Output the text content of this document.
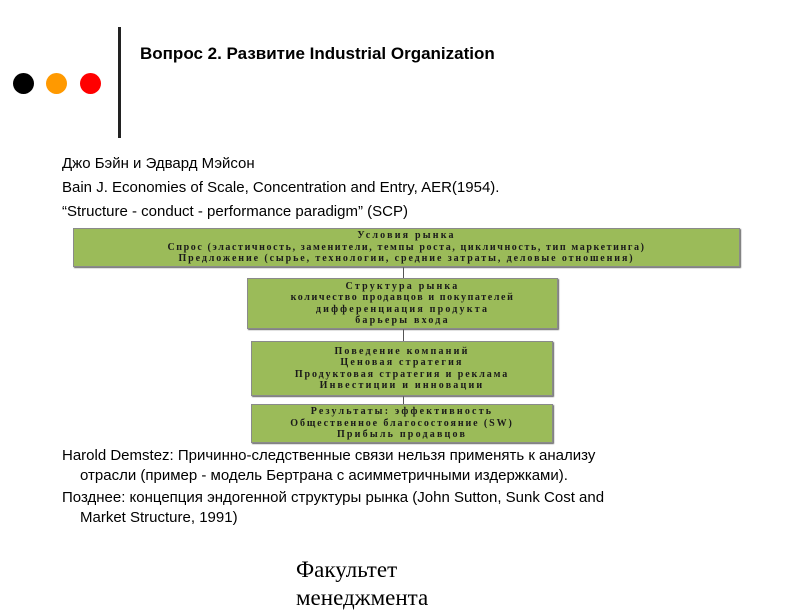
Вопрос 2. Развитие Industrial Organization
Джо Бэйн и Эдвард Мэйсон
Bain J. Economies of Scale, Concentration and Entry, AER(1954).
“Structure - conduct - performance paradigm” (SCP)
Условия рынка
Спрос (эластичность, заменители, темпы роста, цикличность, тип маркетинга)
Предложение (сырье, технологии, средние затраты, деловые отношения)
Структура рынка
количество продавцов и покупателей
дифференциация продукта
барьеры входа
Поведение компаний
Ценовая стратегия
Продуктовая стратегия и реклама
Инвестиции и инновации
Результаты: эффективность
Общественное благосостояние (SW)
Прибыль продавцов
Harold Demstez: Причинно-следственные связи нельзя применять к анализу
отрасли (пример - модель Бертрана с асимметричными издержками).
Позднее: концепция эндогенной структуры рынка (John Sutton, Sunk Cost and
Market Structure, 1991)
Факультет
менеджмента
